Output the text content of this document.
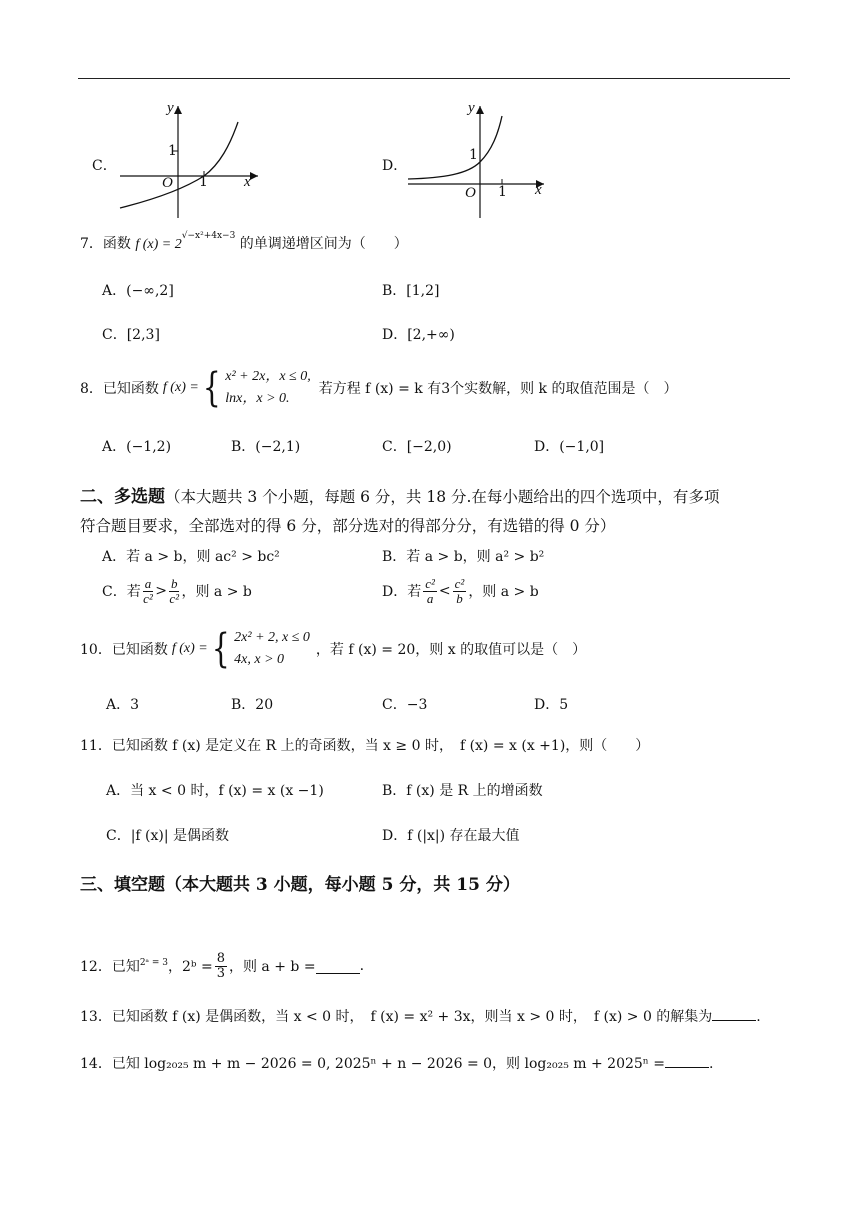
C．
y
x
O 1
1
D．
y
x
O 1
1
7．函数 f $(x) = 2^{√-x^2+4x-3}$ 的单调递增区间为（　　）
A．(−∞,2]	B．[1,2]
C．[2,3]	D．[2,+∞)
8．已知函数 f (x) = { x² + 2x，x ≤ 0,
lnx，x > 0.
若方程 f (x) = k 有3个实数解，则 k 的取值范围是（　）
A．(−1,2)	B．(−2,1)	C．[−2,0)	D．(−1,0]
二、多选题（本大题共 3 个小题，每题 6 分，共 18 分.在每小题给出的四个选项中，有多项
符合题目要求，全部选对的得 6 分，部分选对的得部分分，有选错的得 0 分）
A．若 a > b，则 ac² > bc²	B．若 a > b，则 a² > b²
C．若 $\frac{a}{\text{c²}} > \frac{b}{\text{c²}}$ ，则 a > b	D．若 $\frac{\text{c²}}{a} < \frac{\text{c²}}{b}$ ，则 a > b
10．已知函数 f (x) = { 2x² + 2, x ≤ 0
4x, x > 0
，若 f (x) = 20，则 x 的取值可以是（　）
A．3	B．20	C．−3	D．5
11．已知函数 f (x) 是定义在 R 上的奇函数，当 x ≥ 0 时，　f (x) = x (x +1)，则（　　）
A．当 x < 0 时，f (x) = x (x −1)	B．f (x) 是 R 上的增函数
C．|f (x)| 是偶函数	D．f (|x|) 存在最大值
三、填空题（本大题共 3 小题，每小题 5 分，共 15 分）
12．已知 2ᵃ = 3 ，2ᵇ = $\frac{8}{3}$ ，则 a + b =	.
13．已知函数 f (x) 是偶函数，当 x < 0 时，　f (x) = x² + 3x，则当 x > 0 时，　f (x) > 0 的解集为	.
14．已知 log₂₀₂₅ m + m − 2026 = 0, 2025ⁿ + n − 2026 = 0，则 log₂₀₂₅ m + 2025ⁿ =	.
